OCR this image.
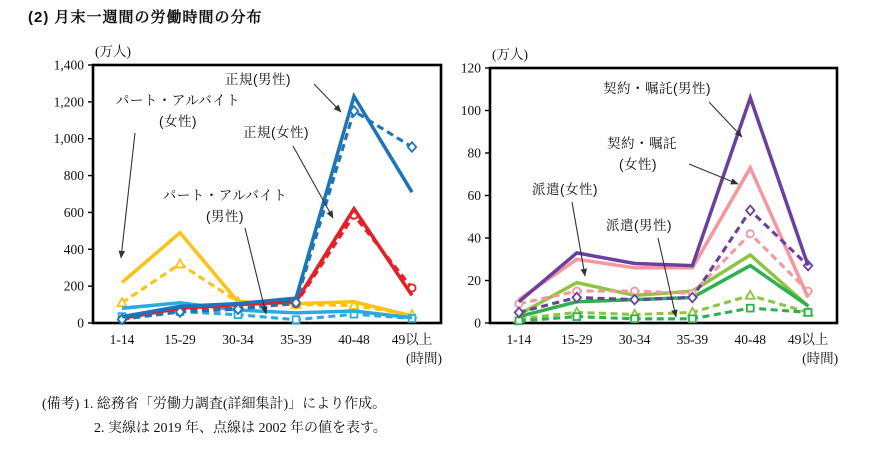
(2) 月末一週間の労働時間の分布
0
200
400
600
800
1,000
1,200
1,400
(万人)
(時間)
1-14 15-29 30-34 35-39 40-48 49以上
パート・アルバイト
(女性)
正規(男性)
正規(女性)
パート・アルバイト
(男性)
0
20
40
60
80
100
120
(万人)
(時間)
1-14 15-29 30-34 35-39 40-48 49以上
契約・嘱託(男性)
契約・嘱託
(女性)
派遣(女性)
派遣(男性)
(備考) 1. 総務省「労働力調査(詳細集計)」により作成。
2. 実線は 2019 年、点線は 2002 年の値を表す。
